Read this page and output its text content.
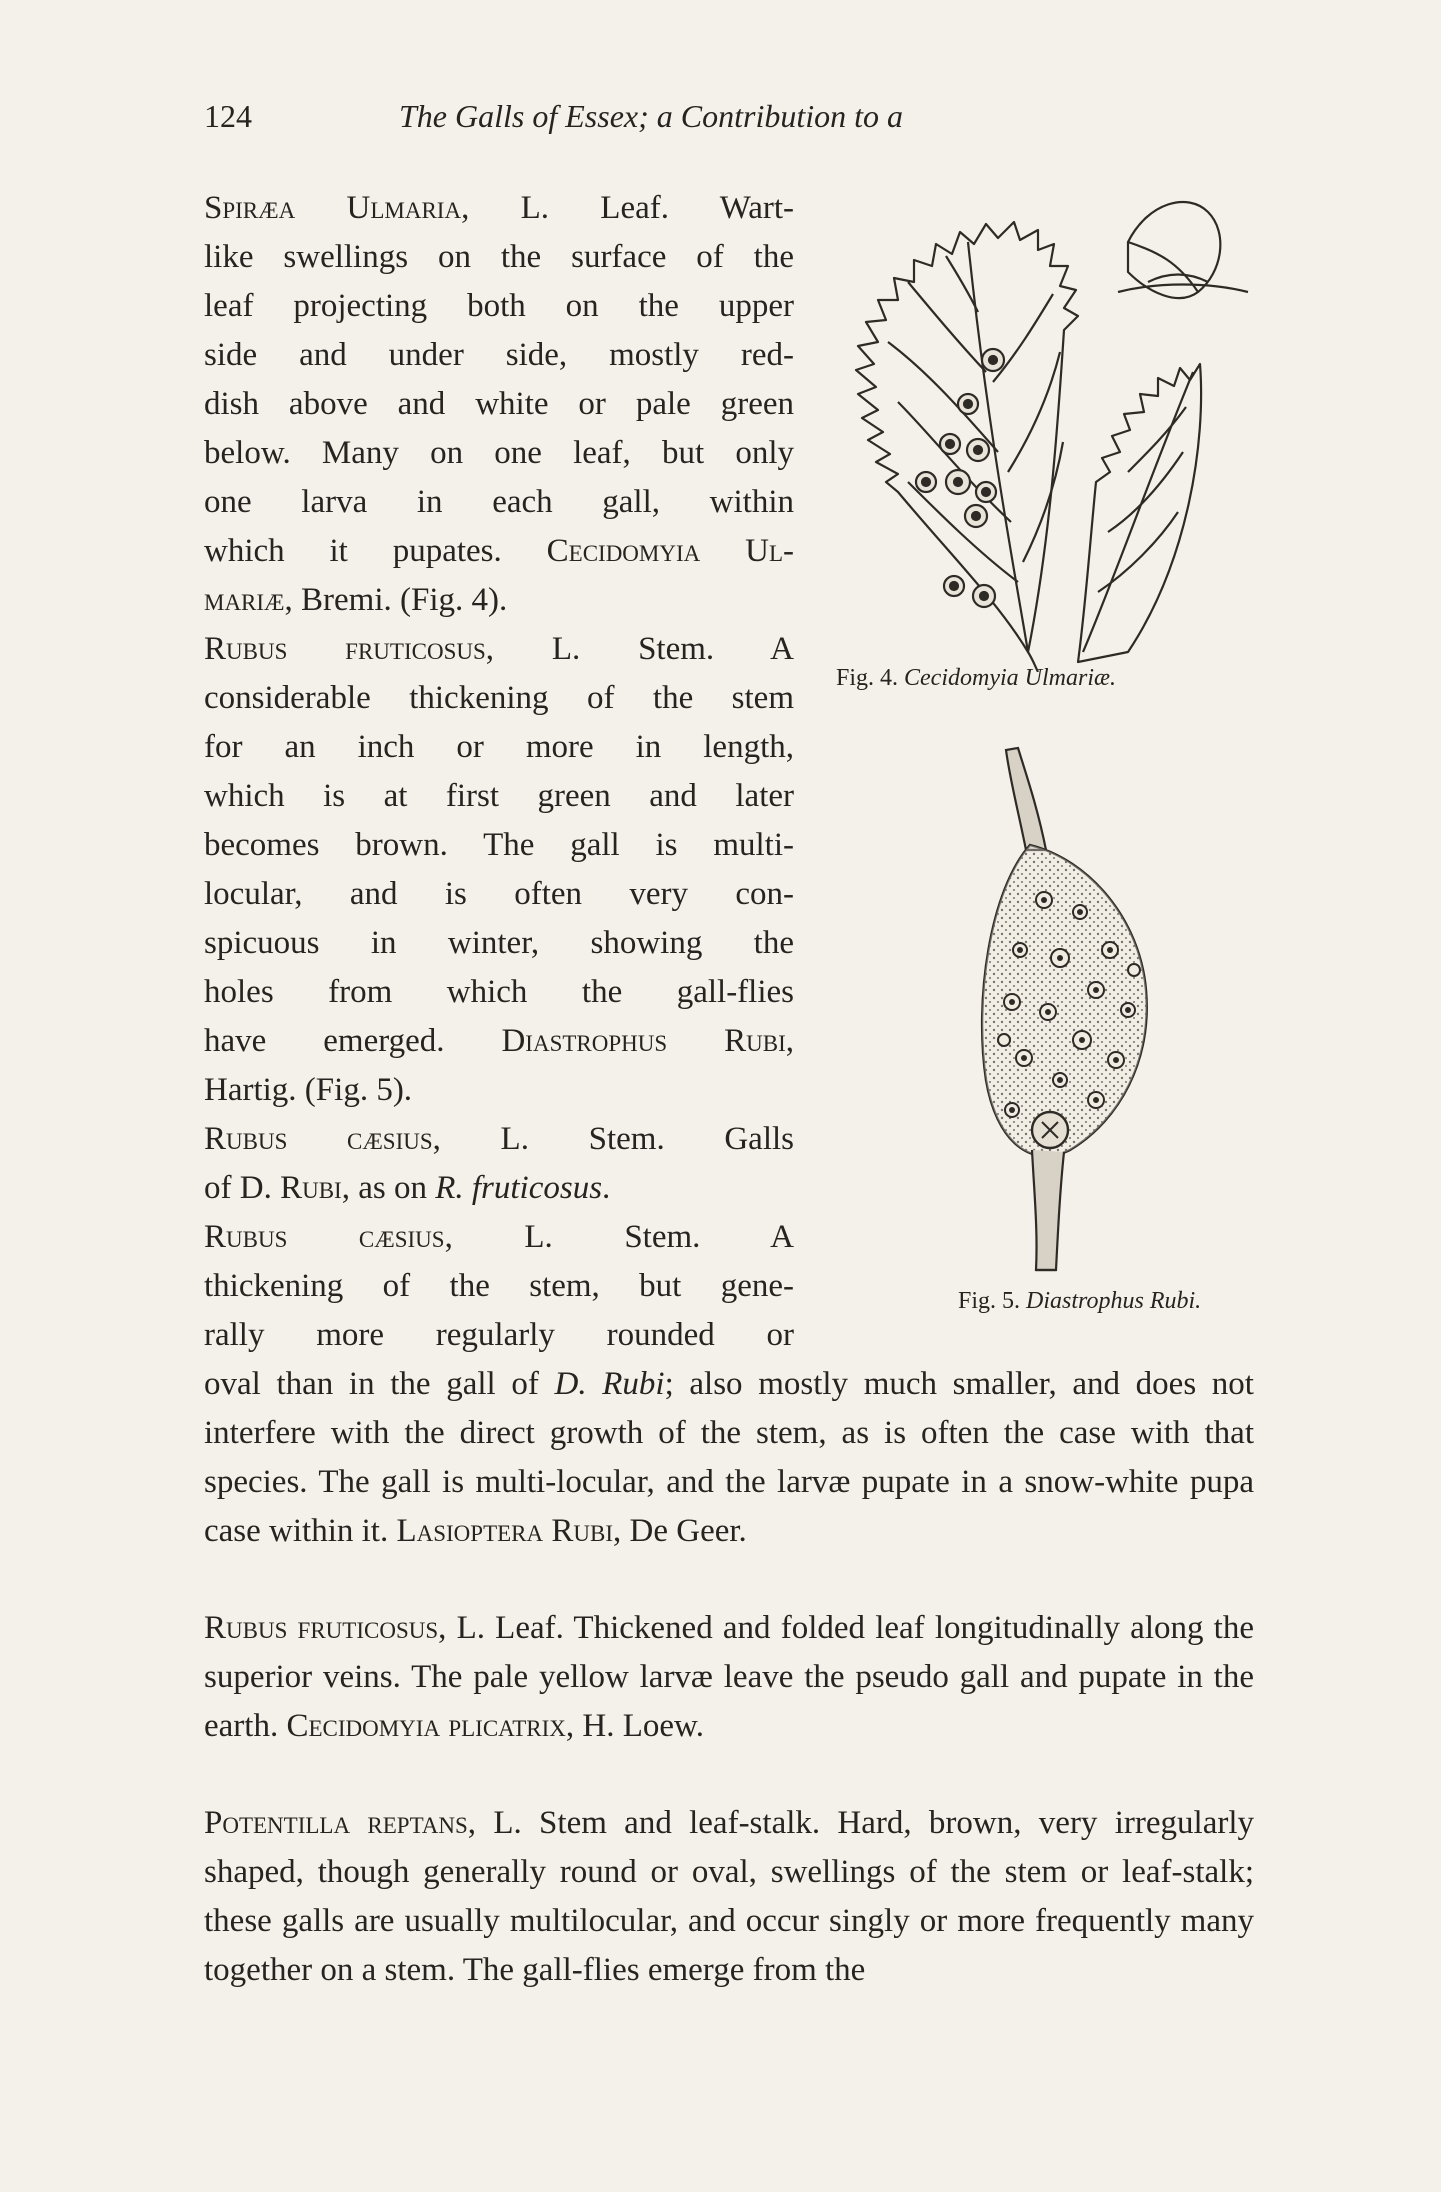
124	The Galls of Essex; a Contribution to a

Spiræa Ulmaria, L. Leaf. Wart-
like swellings on the surface of the
leaf projecting both on the upper
side and under side, mostly red-
dish above and white or pale green
below. Many on one leaf, but only
one larva in each gall, within
which it pupates. Cecidomyia Ul-
mariæ, Bremi. (Fig. 4).

Rubus fruticosus, L. Stem. A
considerable thickening of the stem
for an inch or more in length,
which is at first green and later
becomes brown. The gall is multi-
locular, and is often very con-
spicuous in winter, showing the
holes from which the gall-flies
have emerged. Diastrophus Rubi,
Hartig. (Fig. 5).

Rubus cæsius, L. Stem. Galls
of D. Rubi, as on R. fruticosus.

Rubus cæsius, L. Stem. A
thickening of the stem, but gene-
rally more regularly rounded or

oval than in the gall of D. Rubi; also mostly much smaller, and does not interfere with the direct growth of the stem, as is often the case with that species. The gall is multi-locular, and the larvæ pupate in a snow-white pupa case within it. Lasioptera Rubi, De Geer.

Rubus fruticosus, L. Leaf. Thickened and folded leaf longitudinally along the superior veins. The pale yellow larvæ leave the pseudo gall and pupate in the earth. Cecidomyia plicatrix, H. Loew.

Potentilla reptans, L. Stem and leaf-stalk. Hard, brown, very irregularly shaped, though generally round or oval, swellings of the stem or leaf-stalk; these galls are usually multilocular, and occur singly or more frequently many together on a stem. The gall-flies emerge from the

Fig. 4. Cecidomyia Ulmariæ.
Fig. 5. Diastrophus Rubi.
